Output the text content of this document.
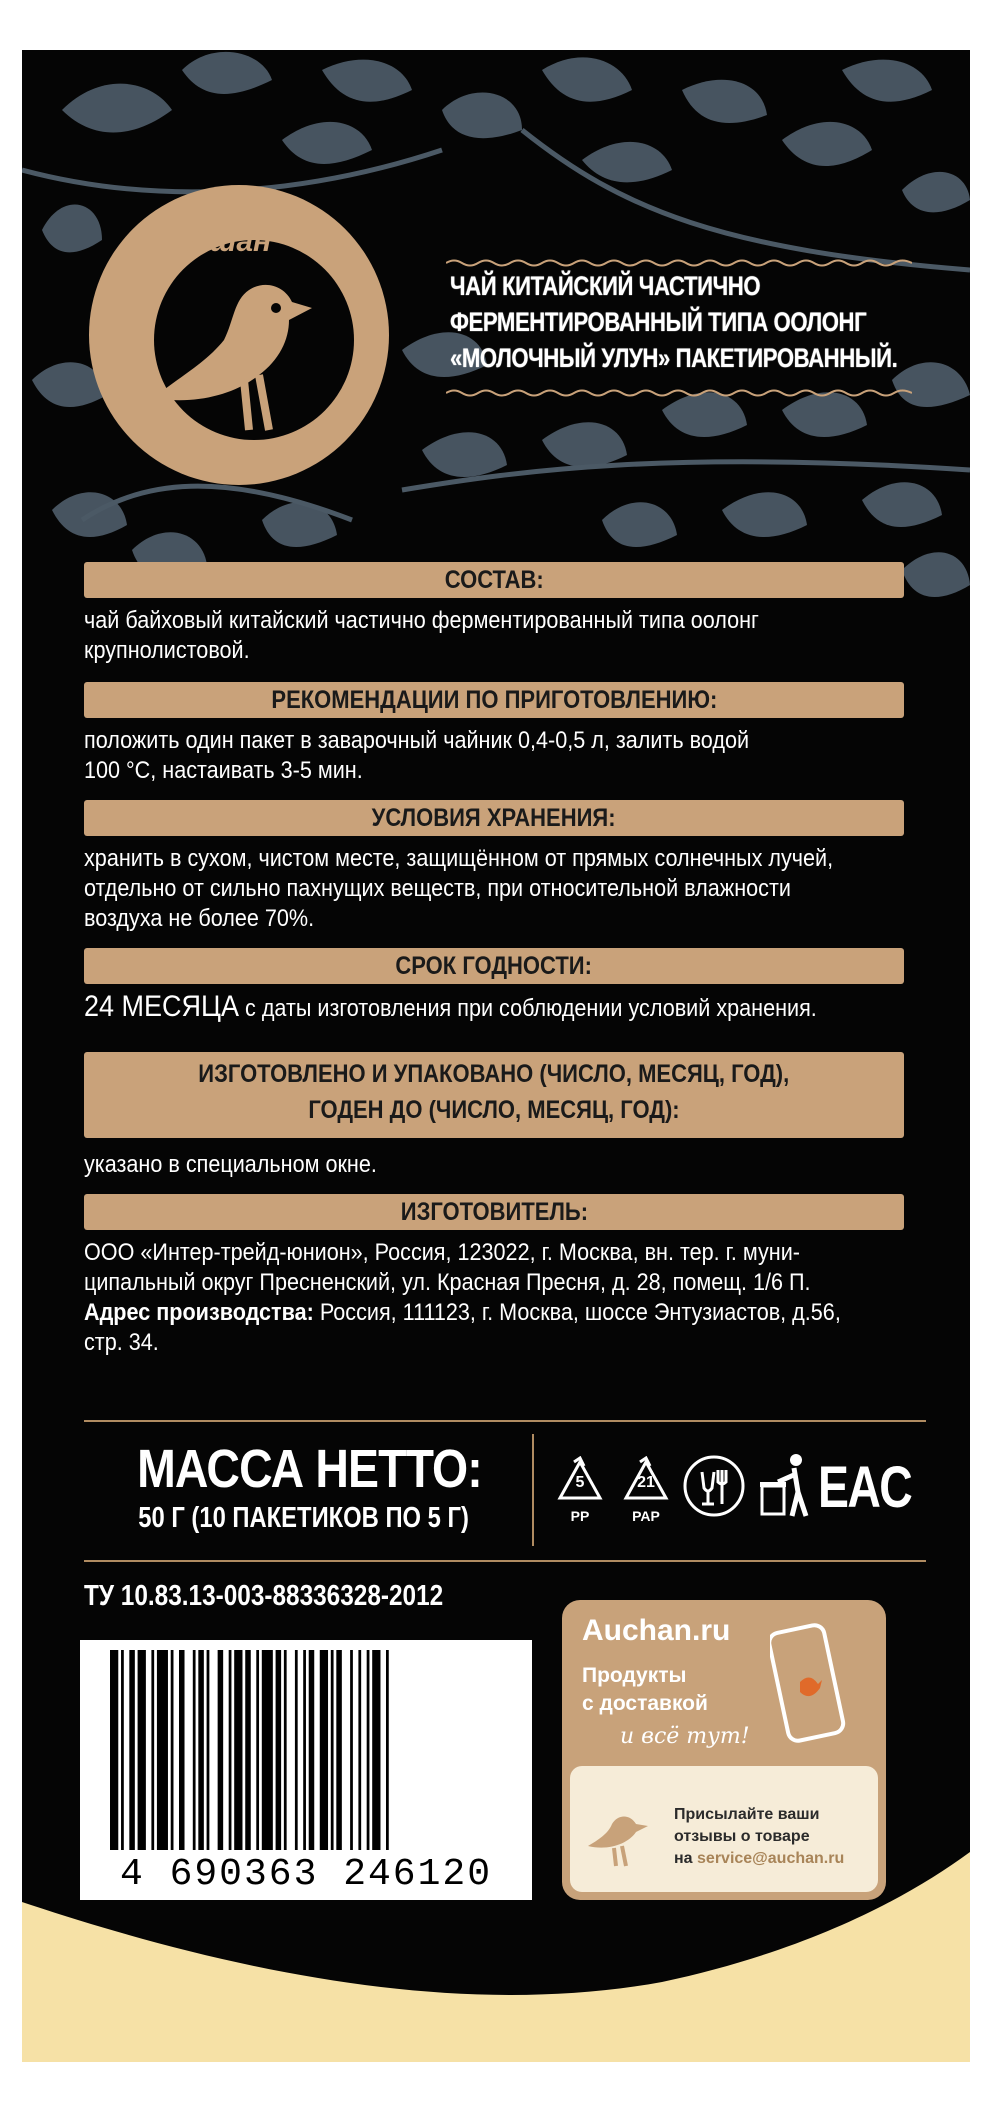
Ашан
ЧАЙ КИТАЙСКИЙ ЧАСТИЧНО
ФЕРМЕНТИРОВАННЫЙ ТИПА ООЛОНГ
«МОЛОЧНЫЙ УЛУН» ПАКЕТИРОВАННЫЙ.
СОСТАВ:
чай байховый китайский частично ферментированный типа оолонг
крупнолистовой.
РЕКОМЕНДАЦИИ ПО ПРИГОТОВЛЕНИЮ:
положить один пакет в заварочный чайник 0,4-0,5 л, залить водой
100 °С, настаивать 3-5 мин.
УСЛОВИЯ ХРАНЕНИЯ:
хранить в сухом, чистом месте, защищённом от прямых солнечных лучей,
отдельно от сильно пахнущих веществ, при относительной влажности
воздуха не более 70%.
СРОК ГОДНОСТИ:
24 МЕСЯЦА с даты изготовления при соблюдении условий хранения.
ИЗГОТОВЛЕНО И УПАКОВАНО (ЧИСЛО, МЕСЯЦ, ГОД),
ГОДЕН ДО (ЧИСЛО, МЕСЯЦ, ГОД):
указано в специальном окне.
ИЗГОТОВИТЕЛЬ:
ООО «Интер-трейд-юнион», Россия, 123022, г. Москва, вн. тер. г. муни-
ципальный округ Пресненский, ул. Красная Пресня, д. 28, помещ. 1/6 П.
Адрес производства: Россия, 111123, г. Москва, шоссе Энтузиастов, д.56,
стр. 34.
МАССА НЕТТО:
50 Г (10 ПАКЕТИКОВ ПО 5 Г)
5
PP
21
PAP	EAC
ТУ 10.83.13-003-88336328-2012
4 690363 246120
Auchan.ru
Продукты
с доставкой
и всё тут!
Присылайте ваши
отзывы о товаре
на service@auchan.ru
